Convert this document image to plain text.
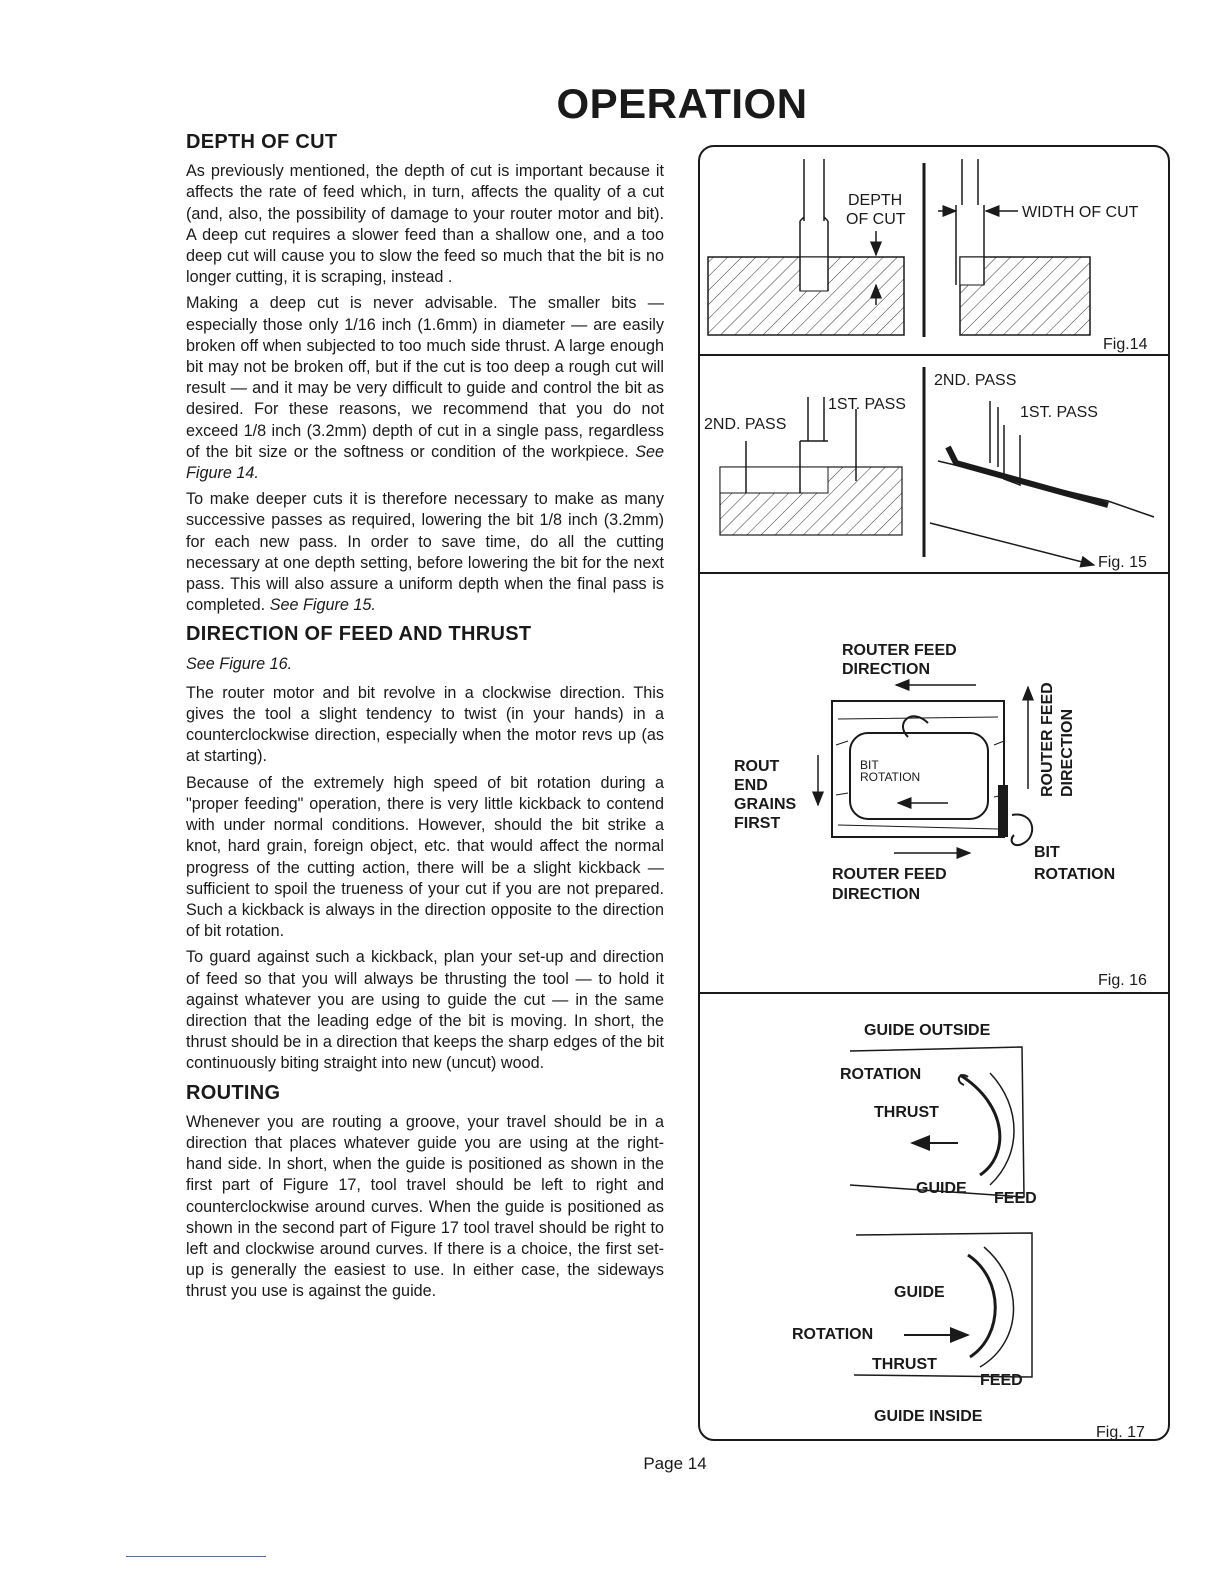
OPERATION
DEPTH OF CUT

As previously mentioned, the depth of cut is important because it affects the rate of feed which, in turn, affects the quality of a cut (and, also, the possibility of damage to your router motor and bit). A deep cut requires a slower feed than a shallow one, and a too deep cut will cause you to slow the feed so much that the bit is no longer cutting, it is scraping, instead .

Making a deep cut is never advisable. The smaller bits — especially those only 1/16 inch (1.6mm) in diameter — are easily broken off when subjected to too much side thrust. A large enough bit may not be broken off, but if the cut is too deep a rough cut will result — and it may be very difficult to guide and control the bit as desired. For these reasons, we recommend that you do not exceed 1/8 inch (3.2mm) depth of cut in a single pass, regardless of the bit size or the softness or condition of the workpiece. See Figure 14.

To make deeper cuts it is therefore necessary to make as many successive passes as required, lowering the bit 1/8 inch (3.2mm) for each new pass. In order to save time, do all the cutting necessary at one depth setting, before lowering the bit for the next pass. This will also assure a uniform depth when the final pass is completed. See Figure 15.

DIRECTION OF FEED AND THRUST

See Figure 16.

The router motor and bit revolve in a clockwise direction. This gives the tool a slight tendency to twist (in your hands) in a counterclockwise direction, especially when the motor revs up (as at starting).

Because of the extremely high speed of bit rotation during a "proper feeding" operation, there is very little kickback to contend with under normal conditions. However, should the bit strike a knot, hard grain, foreign object, etc. that would affect the normal progress of the cutting action, there will be a slight kickback — sufficient to spoil the trueness of your cut if you are not prepared. Such a kickback is always in the direction opposite to the direction of bit rotation.

To guard against such a kickback, plan your set-up and direction of feed so that you will always be thrusting the tool — to hold it against whatever you are using to guide the cut — in the same direction that the leading edge of the bit is moving. In short, the thrust should be in a direction that keeps the sharp edges of the bit continuously biting straight into new (uncut) wood.

ROUTING

Whenever you are routing a groove, your travel should be in a direction that places whatever guide you are using at the right-hand side. In short, when the guide is positioned as shown in the first part of Figure 17, tool travel should be left to right and counterclockwise around curves. When the guide is positioned as shown in the second part of Figure 17 tool travel should be right to left and clockwise around curves. If there is a choice, the first set-up is generally the easiest to use. In either case, the sideways thrust you use is against the guide.

DEPTH
OF CUT	WIDTH OF CUT
Fig.14
2ND. PASS
1ST. PASS
2ND. PASS
1ST. PASS
Fig. 15
ROUTER FEED
DIRECTION
BIT
ROTATION
ROUT
END
GRAINS
FIRST
ROUTER FEED DIRECTION
BIT
ROTATION
ROUTER FEED
DIRECTION
Fig. 16
GUIDE OUTSIDE
ROTATION
THRUST
GUIDE
FEED
GUIDE
ROTATION
THRUST
FEED
GUIDE INSIDE
Fig. 17
Page 14
